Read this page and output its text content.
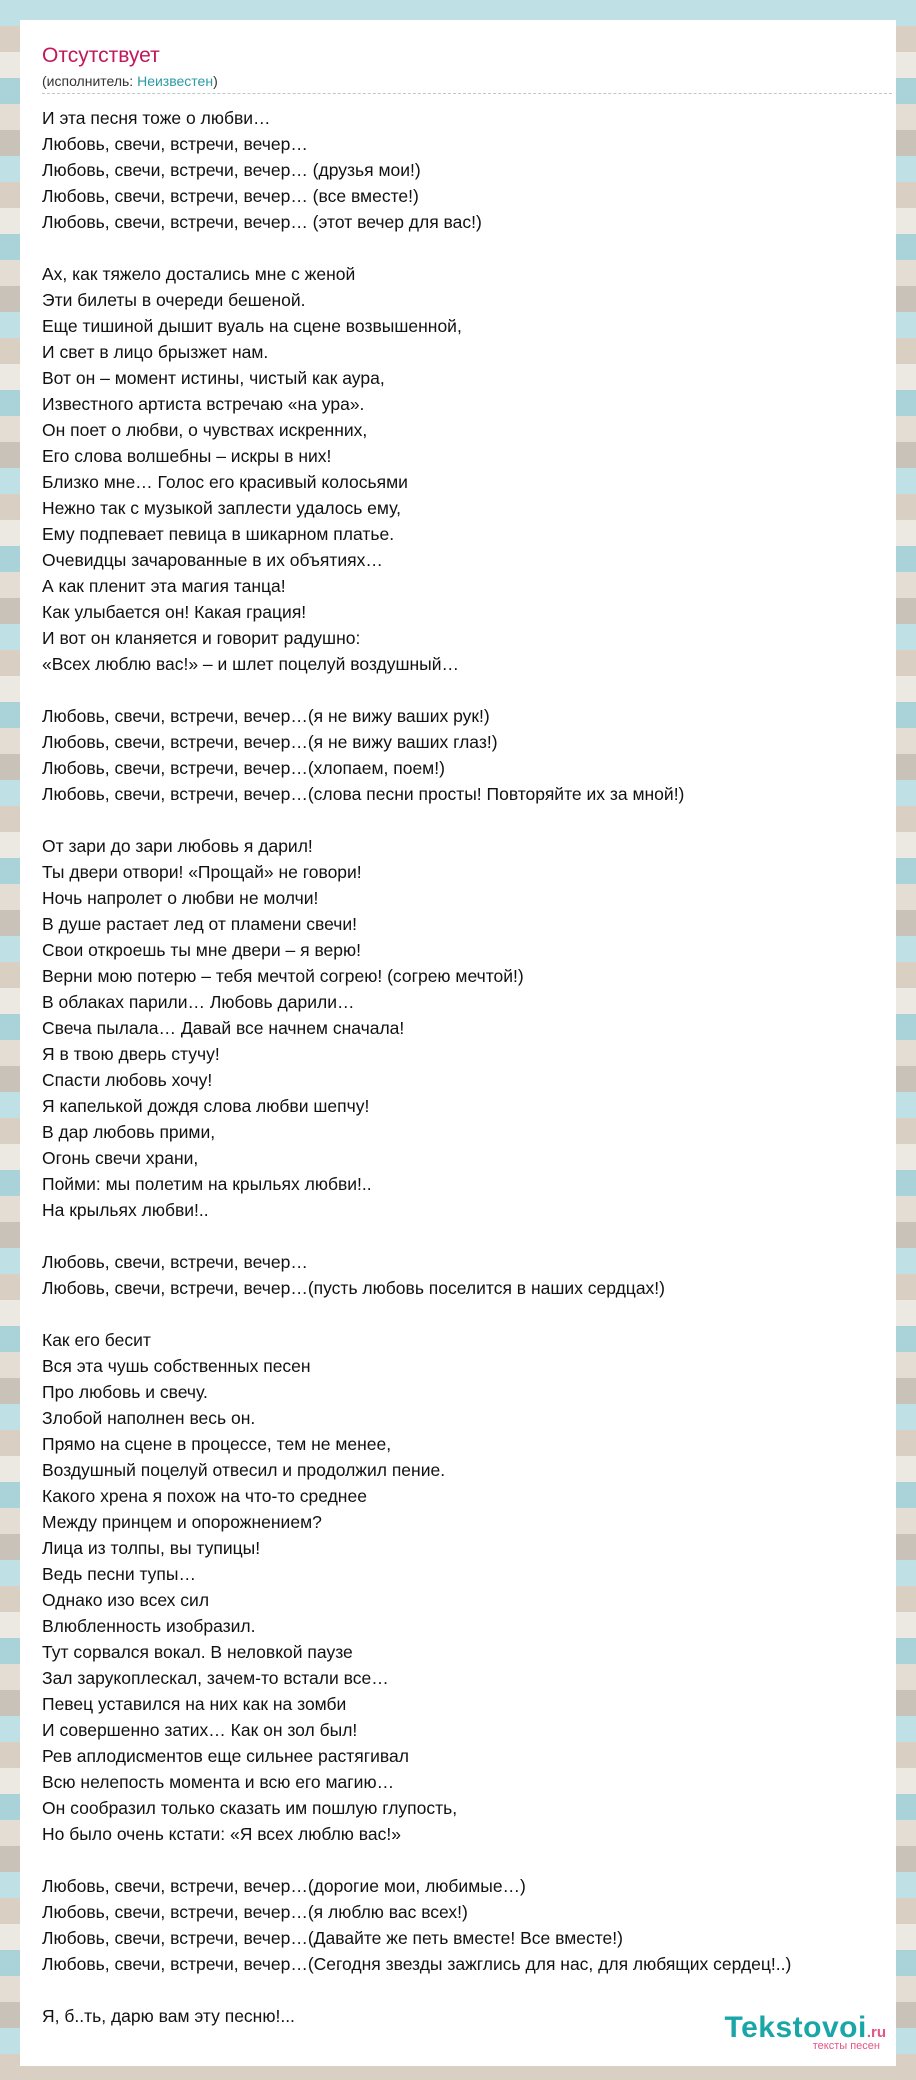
Отсутствует
(исполнитель: Неизвестен)
И эта песня тоже о любви…
Любовь, свечи, встречи, вечер…
Любовь, свечи, встречи, вечер… (друзья мои!)
Любовь, свечи, встречи, вечер… (все вместе!)
Любовь, свечи, встречи, вечер… (этот вечер для вас!)
Ах, как тяжело достались мне с женой
Эти билеты в очереди бешеной.
Еще тишиной дышит вуаль на сцене возвышенной,
И свет в лицо брызжет нам.
Вот он – момент истины, чистый как аура,
Известного артиста встречаю «на ура».
Он поет о любви, о чувствах искренних,
Его слова волшебны – искры в них!
Близко мне… Голос его красивый колосьями
Нежно так с музыкой заплести удалось ему,
Ему подпевает певица в шикарном платье.
Очевидцы зачарованные в их объятиях…
А как пленит эта магия танца!
Как улыбается он! Какая грация!
И вот он кланяется и говорит радушно:
«Всех люблю вас!» – и шлет поцелуй воздушный…
Любовь, свечи, встречи, вечер…(я не вижу ваших рук!)
Любовь, свечи, встречи, вечер…(я не вижу ваших глаз!)
Любовь, свечи, встречи, вечер…(хлопаем, поем!)
Любовь, свечи, встречи, вечер…(слова песни просты! Повторяйте их за мной!)
От зари до зари любовь я дарил!
Ты двери отвори! «Прощай» не говори!
Ночь напролет о любви не молчи!
В душе растает лед от пламени свечи!
Свои откроешь ты мне двери – я верю!
Верни мою потерю – тебя мечтой согрею! (согрею мечтой!)
В облаках парили… Любовь дарили…
Свеча пылала… Давай все начнем сначала!
Я в твою дверь стучу!
Спасти любовь хочу!
Я капелькой дождя слова любви шепчу!
В дар любовь прими,
Огонь свечи храни,
Пойми: мы полетим на крыльях любви!..
На крыльях любви!..
Любовь, свечи, встречи, вечер…
Любовь, свечи, встречи, вечер…(пусть любовь поселится в наших сердцах!)
Как его бесит
Вся эта чушь собственных песен
Про любовь и свечу.
Злобой наполнен весь он.
Прямо на сцене в процессе, тем не менее,
Воздушный поцелуй отвесил и продолжил пение.
Какого хрена я похож на что-то среднее
Между принцем и опорожнением?
Лица из толпы, вы тупицы!
Ведь песни тупы…
Однако изо всех сил
Влюбленность изобразил.
Тут сорвался вокал. В неловкой паузе
Зал зарукоплескал, зачем-то встали все…
Певец уставился на них как на зомби
И совершенно затих… Как он зол был!
Рев аплодисментов еще сильнее растягивал
Всю нелепость момента и всю его магию…
Он сообразил только сказать им пошлую глупость,
Но было очень кстати: «Я всех люблю вас!»
Любовь, свечи, встречи, вечер…(дорогие мои, любимые…)
Любовь, свечи, встречи, вечер…(я люблю вас всех!)
Любовь, свечи, встречи, вечер…(Давайте же петь вместе! Все вместе!)
Любовь, свечи, встречи, вечер…(Сегодня звезды зажглись для нас, для любящих сердец!..)
Я, б..ть, дарю вам эту песню!...	Tekstovoi.ru
тексты песен
